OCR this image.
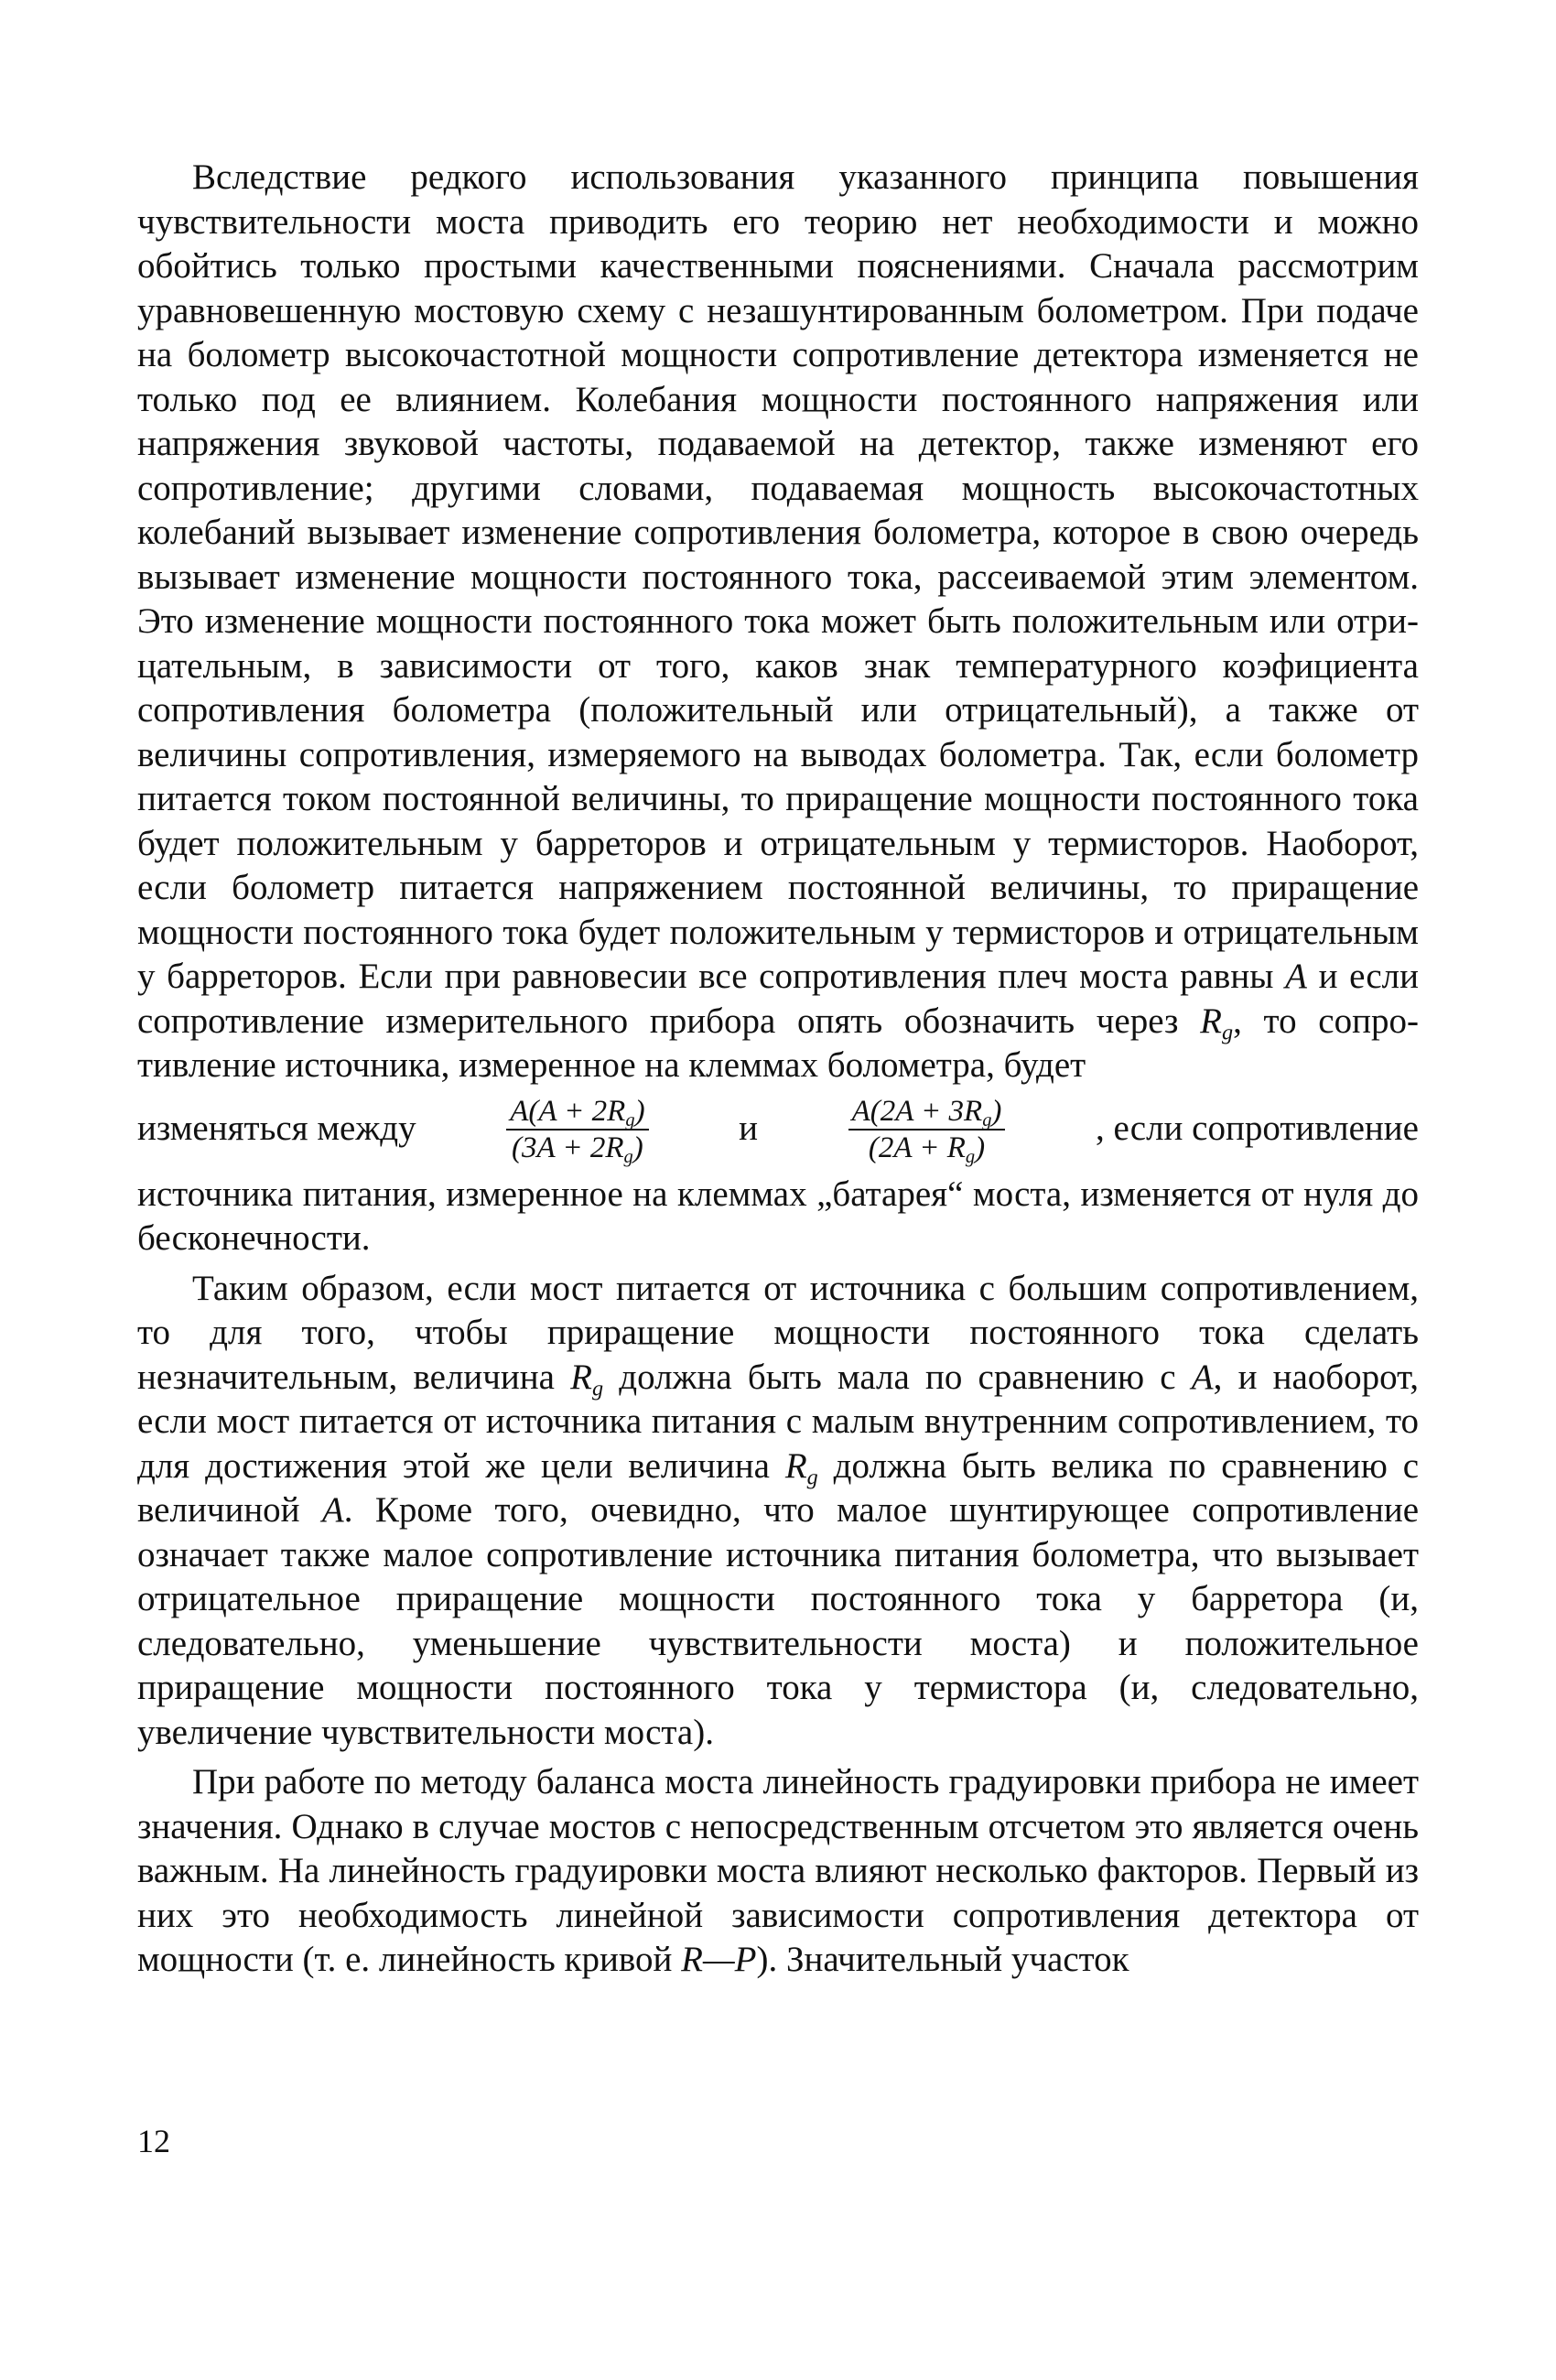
Вследствие редкого использования указанного принципа повышения чувствительности моста приводить его теорию нет необходимости и можно обойтись только простыми качественными пояснениями. Сначала рассмотрим уравновешенную мостовую схему с незашунтированным болометром. При подаче на болометр высокочастотной мощности сопротивление детектора изменяется не только под ее влиянием. Колебания мощности постоянного напряжения или напряжения звуковой частоты, подаваемой на детектор, также изменяют его сопротивление; другими словами, подаваемая мощность высокочастотных колебаний вызывает изменение сопротивления болометра, которое в свою очередь вызывает изменение мощности постоянного тока, рассеиваемой этим элементом. Это изменение мощности постоянного тока может быть положительным или отрицательным, в зависимости от того, каков знак температурного коэфициента сопротивления болометра (положительный или отрицательный), а также от величины сопротивления, измеряемого на выводах болометра. Так, если болометр питается током постоянной величины, то приращение мощности постоянного тока будет положительным у барреторов и отрицательным у термисторов. Наоборот, если болометр питается напряжением постоянной величины, то приращение мощности постоянного тока будет положительным у термисторов и отрицательным у барреторов. Если при равновесии все сопротивления плеч моста равны A и если сопротивление измерительного прибора опять обозначить через $R_g$, то сопротивление источника, измеренное на клеммах болометра, будет

изменяться между	$\frac{A(A + 2R_g)}{(3A + 2R_g)}$	и	$\frac{A(2A + 3R_g)}{(2A + R_g)}$	, если сопротивление

источника питания, измеренное на клеммах „батарея“ моста, изменяется от нуля до бесконечности.

Таким образом, если мост питается от источника с большим сопротивлением, то для того, чтобы приращение мощности постоянного тока сделать незначительным, величина $R_g$ должна быть мала по сравнению с A, и наоборот, если мост питается от источника питания с малым внутренним сопротивлением, то для достижения этой же цели величина $R_g$ должна быть велика по сравнению с величиной A. Кроме того, очевидно, что малое шунтирующее сопротивление означает также малое сопротивление источника питания болометра, что вызывает отрицательное приращение мощности постоянного тока у барретора (и, следовательно, уменьшение чувствительности моста) и положительное приращение мощности постоянного тока у термистора (и, следовательно, увеличение чувствительности моста).

При работе по методу баланса моста линейность градуировки прибора не имеет значения. Однако в случае мостов с непосредственным отсчетом это является очень важным. На линейность градуировки моста влияют несколько факторов. Первый из них это необходимость линейной зависимости сопротивления детектора от мощности (т. е. линейность кривой R—P). Значительный участок

12
